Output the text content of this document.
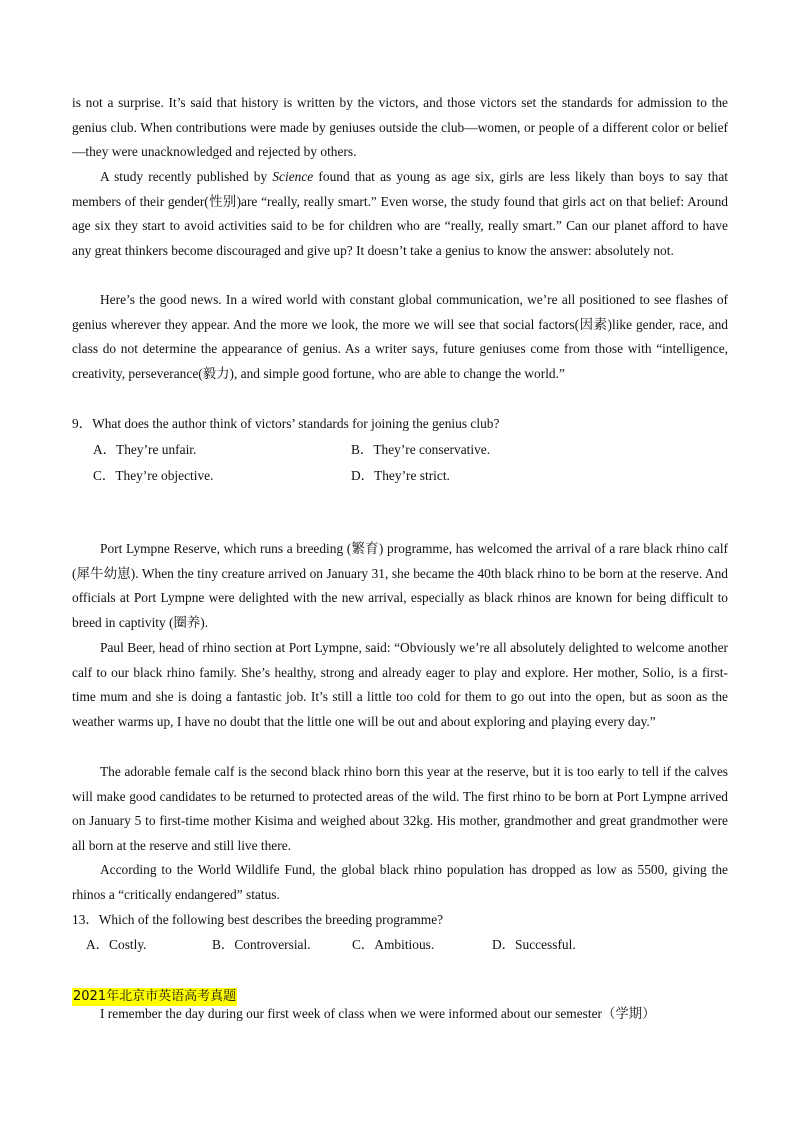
is not a surprise. It’s said that history is written by the victors, and those victors set the standards for admission to the genius club. When contributions were made by geniuses outside the club—women, or people of a different color or belief—they were unacknowledged and rejected by others.

A study recently published by Science found that as young as age six, girls are less likely than boys to say that members of their gender(性别)are “really, really smart.” Even worse, the study found that girls act on that belief: Around age six they start to avoid activities said to be for children who are “really, really smart.” Can our planet afford to have any great thinkers become discouraged and give up? It doesn’t take a genius to know the answer: absolutely not.

Here’s the good news. In a wired world with constant global communication, we’re all positioned to see flashes of genius wherever they appear. And the more we look, the more we will see that social factors(因素)like gender, race, and class do not determine the appearance of genius. As a writer says, future geniuses come from those with “intelligence, creativity, perseverance(毅力), and simple good fortune, who are able to change the world.”

9．What does the author think of victors’ standards for joining the genius club?

A．They’re unfair.	B．They’re conservative.
C．They’re objective.	D．They’re strict.

Port Lympne Reserve, which runs a breeding (繁育) programme, has welcomed the arrival of a rare black rhino calf (犀牛幼崽). When the tiny creature arrived on January 31, she became the 40th black rhino to be born at the reserve. And officials at Port Lympne were delighted with the new arrival, especially as black rhinos are known for being difficult to breed in captivity (圈养).

Paul Beer, head of rhino section at Port Lympne, said: “Obviously we’re all absolutely delighted to welcome another calf to our black rhino family. She’s healthy, strong and already eager to play and explore. Her mother, Solio, is a first-time mum and she is doing a fantastic job. It’s still a little too cold for them to go out into the open, but as soon as the weather warms up, I have no doubt that the little one will be out and about exploring and playing every day.”

The adorable female calf is the second black rhino born this year at the reserve, but it is too early to tell if the calves will make good candidates to be returned to protected areas of the wild. The first rhino to be born at Port Lympne arrived on January 5 to first-time mother Kisima and weighed about 32kg. His mother, grandmother and great grandmother were all born at the reserve and still live there.

According to the World Wildlife Fund, the global black rhino population has dropped as low as 5500, giving the rhinos a “critically endangered” status.

13．Which of the following best describes the breeding programme?

A．Costly.	B．Controversial.	C．Ambitious.	D．Successful.
2021年北京市英语高考真题

I remember the day during our first week of class when we were informed about our semester（学期）
